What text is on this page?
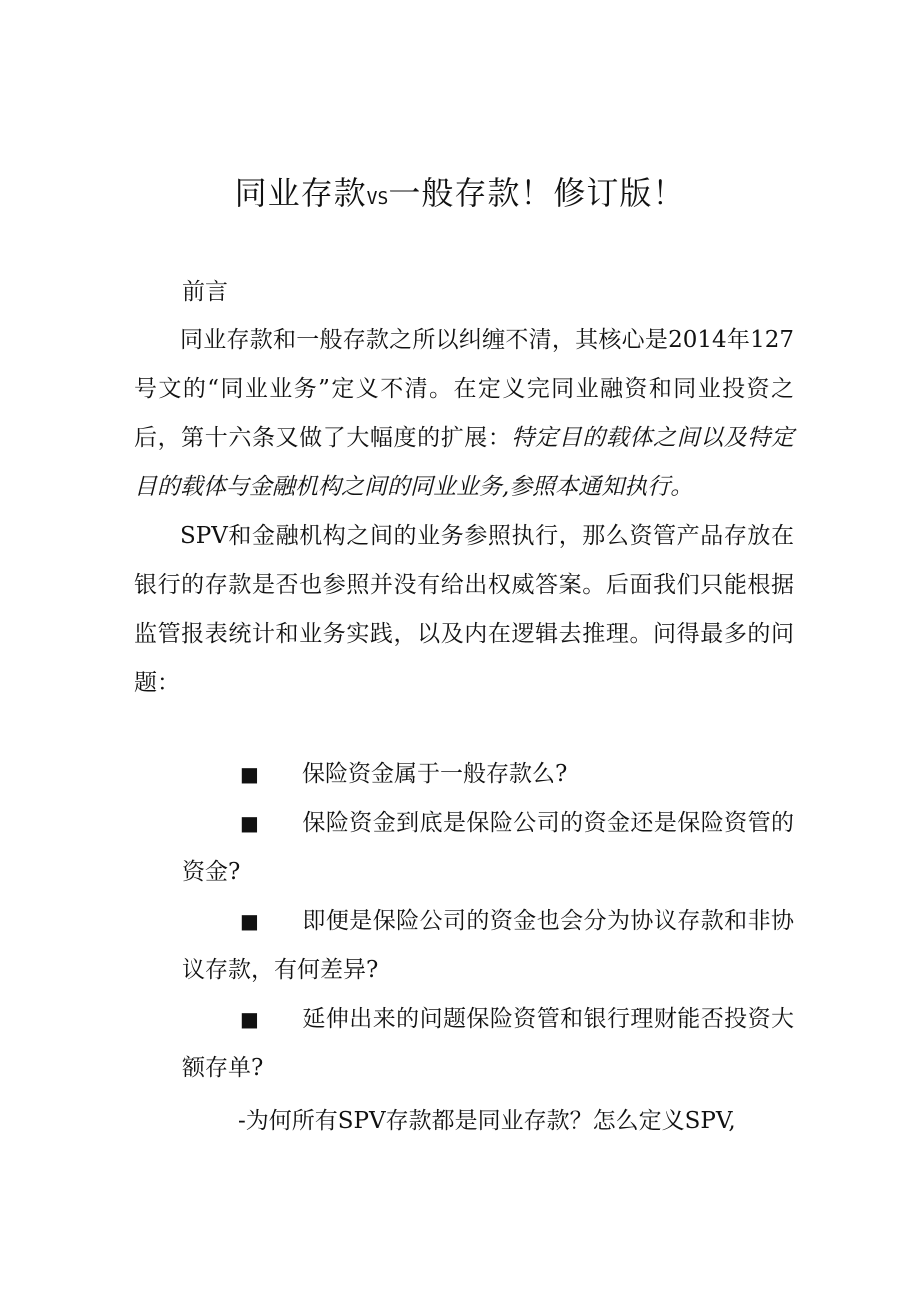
同业存款VS一般存款！修订版！

前言

同业存款和一般存款之所以纠缠不清，其核心是2014年127号文的“同业业务”定义不清。在定义完同业融资和同业投资之后，第十六条又做了大幅度的扩展：特定目的载体之间以及特定目的载体与金融机构之间的同业业务,参照本通知执行。

SPV和金融机构之间的业务参照执行，那么资管产品存放在银行的存款是否也参照并没有给出权威答案。后面我们只能根据监管报表统计和业务实践，以及内在逻辑去推理。问得最多的问题：

■ 保险资金属于一般存款么?
■ 保险资金到底是保险公司的资金还是保险资管的资金?
■ 即便是保险公司的资金也会分为协议存款和非协议存款，有何差异?
■ 延伸出来的问题保险资管和银行理财能否投资大额存单?

-为何所有SPV存款都是同业存款？怎么定义SPV,
